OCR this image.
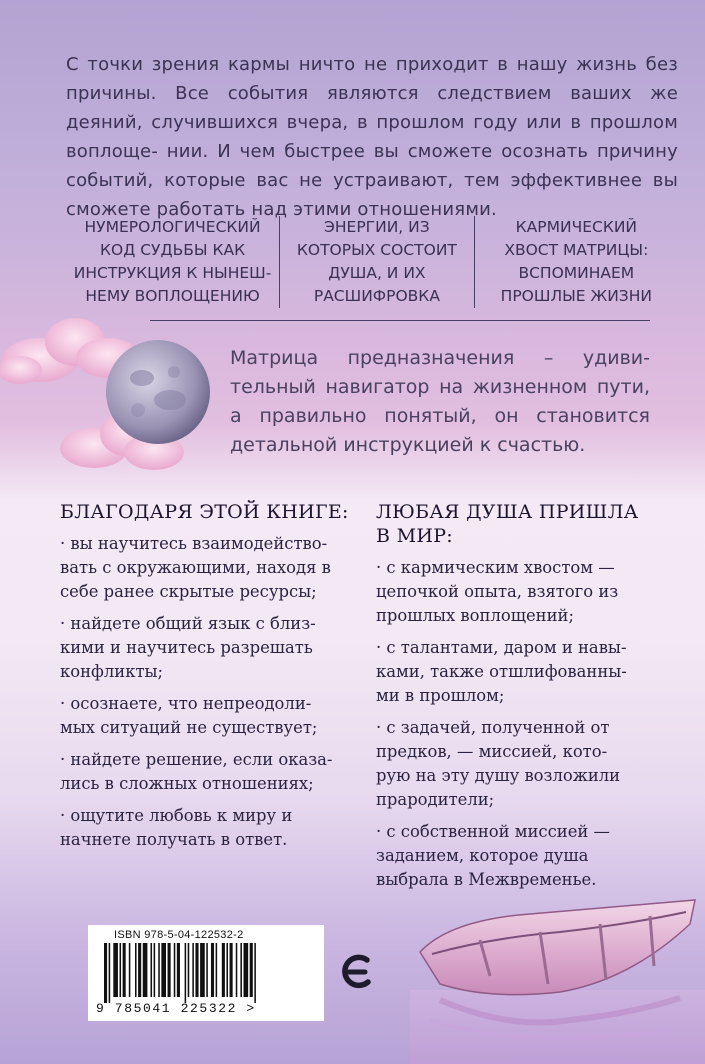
С точки зрения кармы ничто не приходит в нашу жизнь без причины. Все события являются следствием ваших же деяний, случившихся вчера, в прошлом году или в прошлом воплоще- нии. И чем быстрее вы сможете осознать причину событий, которые вас не устраивают, тем эффективнее вы сможете работать над этими отношениями.
НУМЕРОЛОГИЧЕСКИЙ
КОД СУДЬБЫ КАК
ИНСТРУКЦИЯ К НЫНЕШ-
НЕМУ ВОПЛОЩЕНИЮ
ЭНЕРГИИ, ИЗ
КОТОРЫХ СОСТОИТ
ДУША, И ИХ
РАСШИФРОВКА
КАРМИЧЕСКИЙ
ХВОСТ МАТРИЦЫ:
ВСПОМИНАЕМ
ПРОШЛЫЕ ЖИЗНИ
Матрица предназначения – удиви- тельный навигатор на жизненном пути, а правильно понятый, он становится детальной инструкцией к счастью.
БЛАГОДАРЯ ЭТОЙ КНИГЕ:
· вы научитесь взаимодейство-
вать с окружающими, находя в
себе ранее скрытые ресурсы;
· найдете общий язык с близ-
кими и научитесь разрешать
конфликты;
· осознаете, что непреодоли-
мых ситуаций не существует;
· найдете решение, если оказа-
лись в сложных отношениях;
· ощутите любовь к миру и
начнете получать в ответ.
ЛЮБАЯ ДУША ПРИШЛА
В МИР:
· с кармическим хвостом —
цепочкой опыта, взятого из
прошлых воплощений;
· с талантами, даром и навы-
ками, также отшлифованны-
ми в прошлом;
· с задачей, полученной от
предков, — миссией, кото-
рую на эту душу возложили
прародители;
· с собственной миссией —
заданием, которое душа
выбрала в Межвременье.
ISBN 978-5-04-122532-2
9 785041 225322 >
